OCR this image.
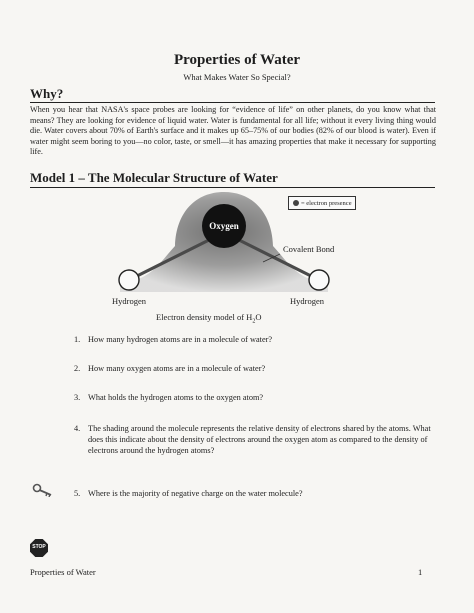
Properties of Water
What Makes Water So Special?
Why?
When you hear that NASA's space probes are looking for “evidence of life” on other planets, do you know what that means? They are looking for evidence of liquid water. Water is fundamental for all life; without it every living thing would die. Water covers about 70% of Earth's surface and it makes up 65–75% of our bodies (82% of our blood is water). Even if water might seem boring to you—no color, taste, or smell—it has amazing properties that make it necessary for supporting life.
Model 1 – The Molecular Structure of Water
Oxygen
Covalent Bond
Hydrogen	Hydrogen
Electron density model of $H_2O$
= electron presence
1. How many hydrogen atoms are in a molecule of water?
2. How many oxygen atoms are in a molecule of water?
3. What holds the hydrogen atoms to the oxygen atom?
4. The shading around the molecule represents the relative density of electrons shared by the atoms. What does this indicate about the density of electrons around the oxygen atom as compared to the density of electrons around the hydrogen atoms?
5. Where is the majority of negative charge on the water molecule?
STOP
Properties of Water	1
